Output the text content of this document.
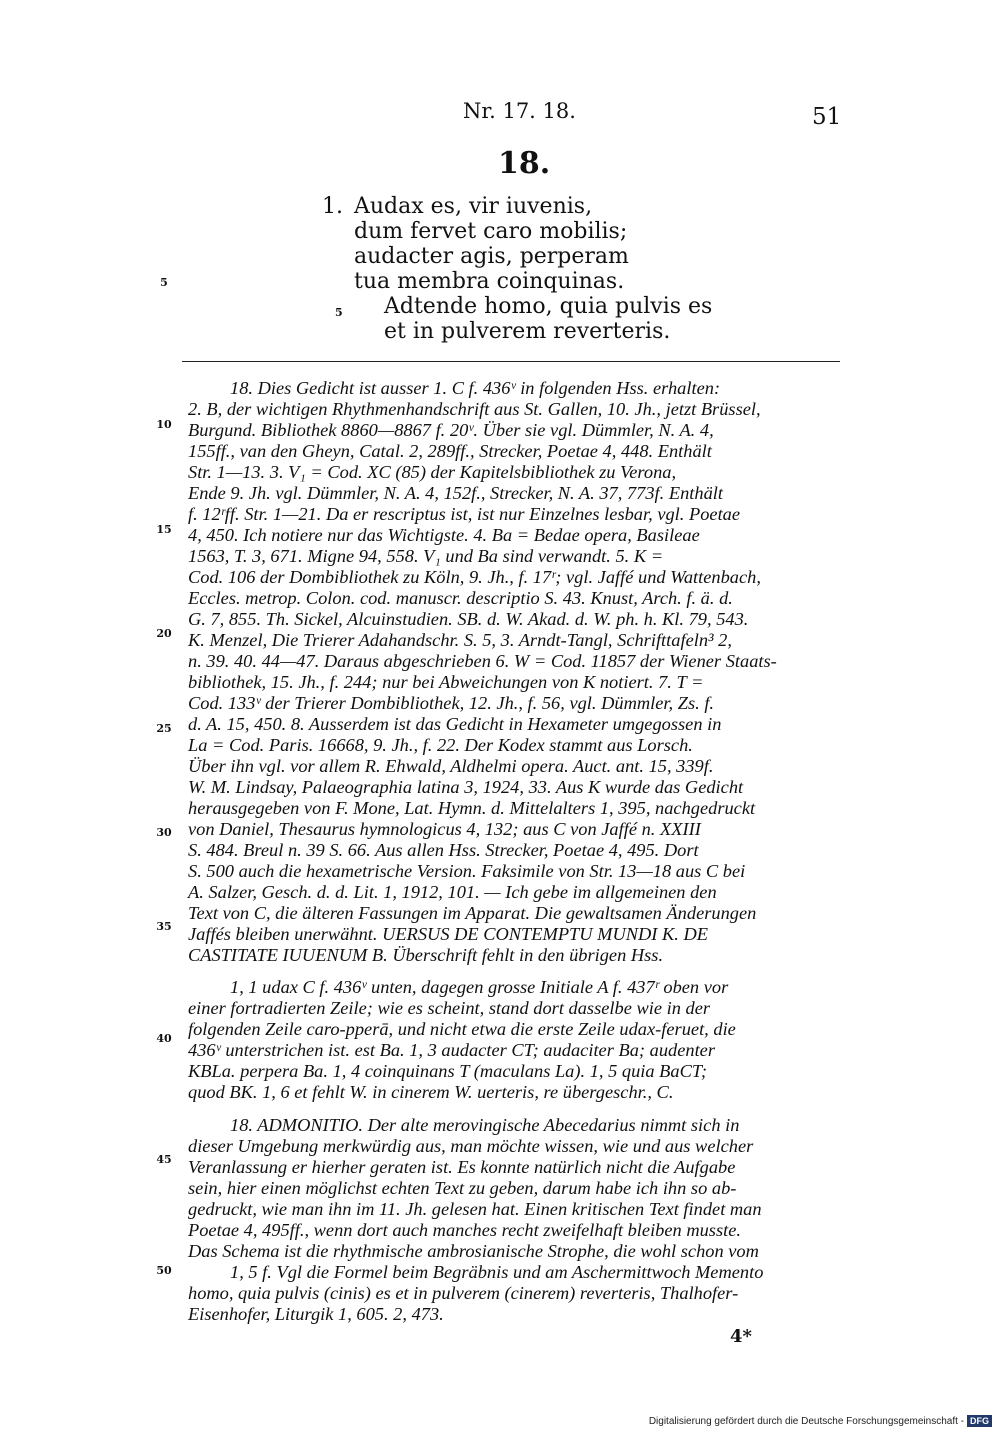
Nr. 17. 18.	51
18.
1. Audax es, vir iuvenis,
dum fervet caro mobilis;
audacter agis, perperam
tua membra coinquinas.
Adtende homo, quia pulvis es
et in pulverem reverteris.
5
5
10
15
20
25
30
35
40
45
50
18. Dies Gedicht ist ausser 1. C f. 436ᵛ in folgenden Hss. erhalten:
2. B, der wichtigen Rhythmenhandschrift aus St. Gallen, 10. Jh., jetzt Brüssel,
Burgund. Bibliothek 8860—8867 f. 20ᵛ. Über sie vgl. Dümmler, N. A. 4,
155ff., van den Gheyn, Catal. 2, 289ff., Strecker, Poetae 4, 448. Enthält
Str. 1—13. 3. V₁ = Cod. XC (85) der Kapitelsbibliothek zu Verona,
Ende 9. Jh. vgl. Dümmler, N. A. 4, 152f., Strecker, N. A. 37, 773f. Enthält
f. 12ʳff. Str. 1—21. Da er rescriptus ist, ist nur Einzelnes lesbar, vgl. Poetae
4, 450. Ich notiere nur das Wichtigste. 4. Ba = Bedae opera, Basileae
1563, T. 3, 671. Migne 94, 558. V₁ und Ba sind verwandt. 5. K =
Cod. 106 der Dombibliothek zu Köln, 9. Jh., f. 17ʳ; vgl. Jaffé und Wattenbach,
Eccles. metrop. Colon. cod. manuscr. descriptio S. 43. Knust, Arch. f. ä. d.
G. 7, 855. Th. Sickel, Alcuinstudien. SB. d. W. Akad. d. W. ph. h. Kl. 79, 543.
K. Menzel, Die Trierer Adahandschr. S. 5, 3. Arndt-Tangl, Schrifttafeln³ 2,
n. 39. 40. 44—47. Daraus abgeschrieben 6. W = Cod. 11857 der Wiener Staats-
bibliothek, 15. Jh., f. 244; nur bei Abweichungen von K notiert. 7. T =
Cod. 133ᵛ der Trierer Dombibliothek, 12. Jh., f. 56, vgl. Dümmler, Zs. f.
d. A. 15, 450. 8. Ausserdem ist das Gedicht in Hexameter umgegossen in
La = Cod. Paris. 16668, 9. Jh., f. 22. Der Kodex stammt aus Lorsch.
Über ihn vgl. vor allem R. Ehwald, Aldhelmi opera. Auct. ant. 15, 339f.
W. M. Lindsay, Palaeographia latina 3, 1924, 33. Aus K wurde das Gedicht
herausgegeben von F. Mone, Lat. Hymn. d. Mittelalters 1, 395, nachgedruckt
von Daniel, Thesaurus hymnologicus 4, 132; aus C von Jaffé n. XXIII
S. 484. Breul n. 39 S. 66. Aus allen Hss. Strecker, Poetae 4, 495. Dort
S. 500 auch die hexametrische Version. Faksimile von Str. 13—18 aus C bei
A. Salzer, Gesch. d. d. Lit. 1, 1912, 101. — Ich gebe im allgemeinen den
Text von C, die älteren Fassungen im Apparat. Die gewaltsamen Änderungen
Jaffés bleiben unerwähnt. UERSUS DE CONTEMPTU MUNDI K. DE
CASTITATE IUUENUM B. Überschrift fehlt in den übrigen Hss.
1, 1 udax C f. 436ᵛ unten, dagegen grosse Initiale A f. 437ʳ oben vor
einer fortradierten Zeile; wie es scheint, stand dort dasselbe wie in der
folgenden Zeile caro-pperā, und nicht etwa die erste Zeile udax-feruet, die
436ᵛ unterstrichen ist. est Ba. 1, 3 audacter CT; audaciter Ba; audenter
KBLa. perpera Ba. 1, 4 coinquinans T (maculans La). 1, 5 quia BaCT;
quod BK. 1, 6 et fehlt W. in cinerem W. uerteris, re übergeschr., C.
18. ADMONITIO. Der alte merovingische Abecedarius nimmt sich in
dieser Umgebung merkwürdig aus, man möchte wissen, wie und aus welcher
Veranlassung er hierher geraten ist. Es konnte natürlich nicht die Aufgabe
sein, hier einen möglichst echten Text zu geben, darum habe ich ihn so ab-
gedruckt, wie man ihn im 11. Jh. gelesen hat. Einen kritischen Text findet man
Poetae 4, 495ff., wenn dort auch manches recht zweifelhaft bleiben musste.
Das Schema ist die rhythmische ambrosianische Strophe, die wohl schon vom
1, 5 f. Vgl die Formel beim Begräbnis und am Aschermittwoch Memento
homo, quia pulvis (cinis) es et in pulverem (cinerem) reverteris, Thalhofer-
Eisenhofer, Liturgik 1, 605. 2, 473.
4*
Digitalisierung gefördert durch die Deutsche Forschungsgemeinschaft - DFG
